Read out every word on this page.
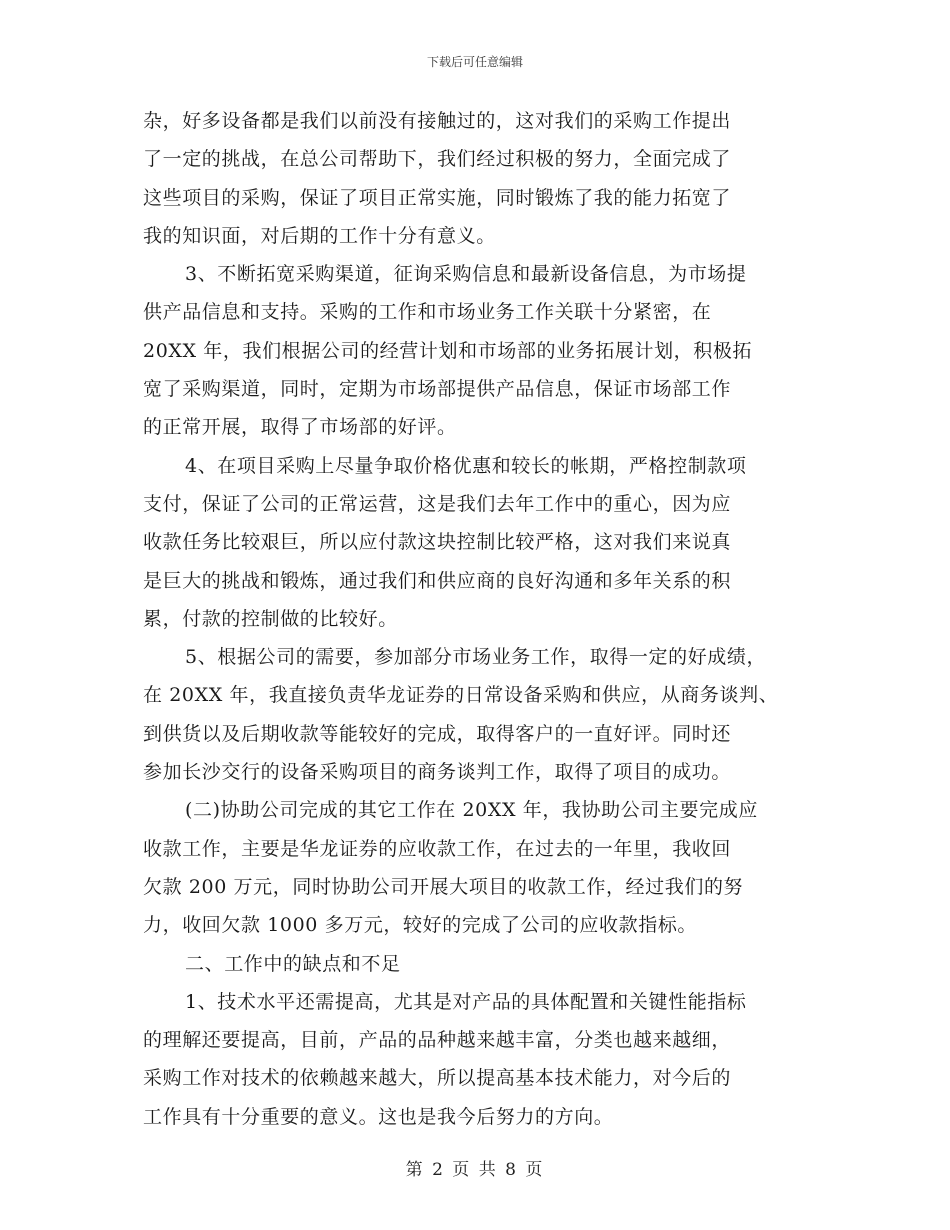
下载后可任意编辑
杂，好多设备都是我们以前没有接触过的，这对我们的采购工作提出
了一定的挑战，在总公司帮助下，我们经过积极的努力，全面完成了
这些项目的采购，保证了项目正常实施，同时锻炼了我的能力拓宽了
我的知识面，对后期的工作十分有意义。
3、不断拓宽采购渠道，征询采购信息和最新设备信息，为市场提
供产品信息和支持。采购的工作和市场业务工作关联十分紧密，在
20XX 年，我们根据公司的经营计划和市场部的业务拓展计划，积极拓
宽了采购渠道，同时，定期为市场部提供产品信息，保证市场部工作
的正常开展，取得了市场部的好评。
4、在项目采购上尽量争取价格优惠和较长的帐期，严格控制款项
支付，保证了公司的正常运营，这是我们去年工作中的重心，因为应
收款任务比较艰巨，所以应付款这块控制比较严格，这对我们来说真
是巨大的挑战和锻炼，通过我们和供应商的良好沟通和多年关系的积
累，付款的控制做的比较好。
5、根据公司的需要，参加部分市场业务工作，取得一定的好成绩，
在 20XX 年，我直接负责华龙证券的日常设备采购和供应，从商务谈判、
到供货以及后期收款等能较好的完成，取得客户的一直好评。同时还
参加长沙交行的设备采购项目的商务谈判工作，取得了项目的成功。
(二)协助公司完成的其它工作在 20XX 年，我协助公司主要完成应
收款工作，主要是华龙证券的应收款工作，在过去的一年里，我收回
欠款 200 万元，同时协助公司开展大项目的收款工作，经过我们的努
力，收回欠款 1000 多万元，较好的完成了公司的应收款指标。
二、工作中的缺点和不足
1、技术水平还需提高，尤其是对产品的具体配置和关键性能指标
的理解还要提高，目前，产品的品种越来越丰富，分类也越来越细，
采购工作对技术的依赖越来越大，所以提高基本技术能力，对今后的
工作具有十分重要的意义。这也是我今后努力的方向。
第 2 页 共 8 页
